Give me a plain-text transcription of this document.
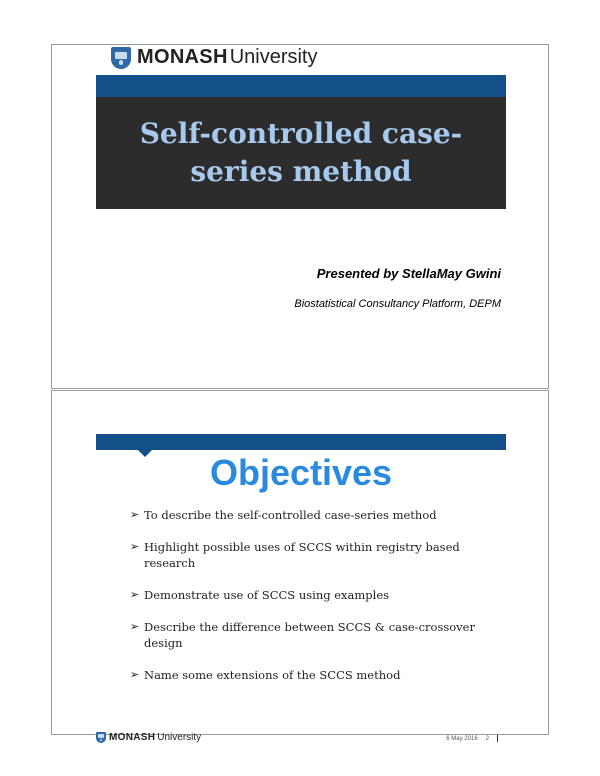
MONASH University
Self-controlled case-series method
Presented by StellaMay Gwini
Biostatistical Consultancy Platform, DEPM
Objectives
➢ To describe the self-controlled case-series method
➢ Highlight possible uses of SCCS within registry based research
➢ Demonstrate use of SCCS using examples
➢ Describe the difference between SCCS & case-crossover design
➢ Name some extensions of the SCCS method
MONASH University	6 May 2016 2
